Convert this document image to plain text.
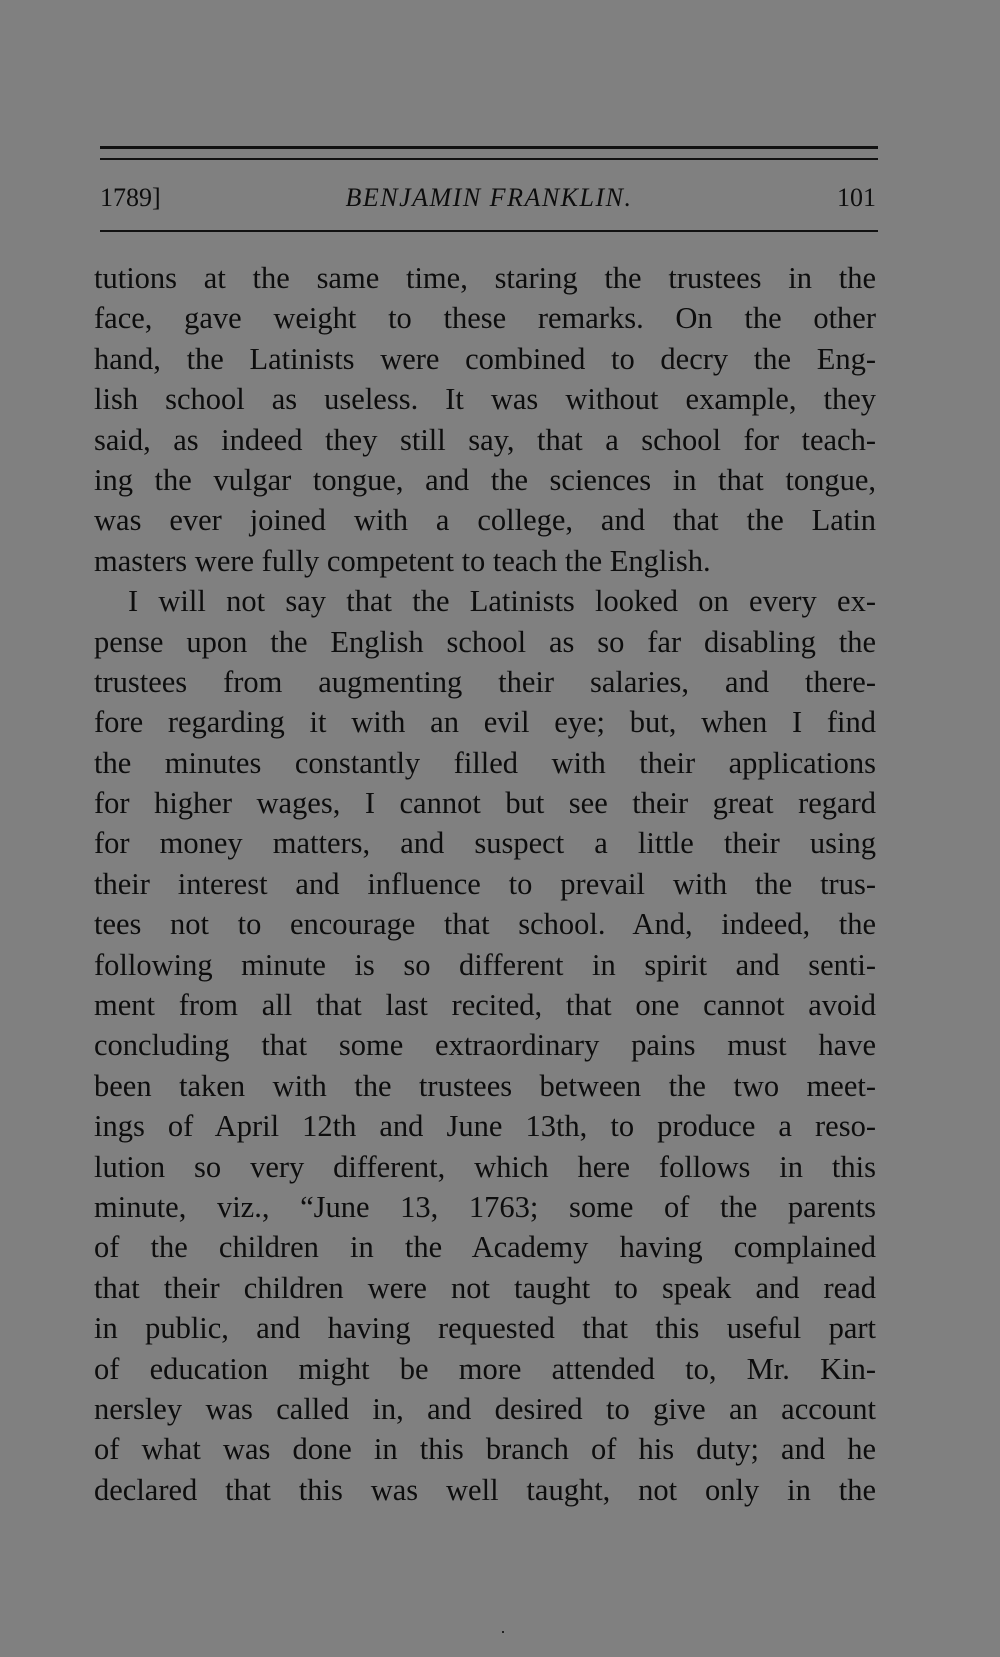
1789]	BENJAMIN FRANKLIN.	101
tutions at the same time, staring the trustees in the
face, gave weight to these remarks. On the other
hand, the Latinists were combined to decry the Eng-
lish school as useless. It was without example, they
said, as indeed they still say, that a school for teach-
ing the vulgar tongue, and the sciences in that tongue,
was ever joined with a college, and that the Latin
masters were fully competent to teach the English.
I will not say that the Latinists looked on every ex-
pense upon the English school as so far disabling the
trustees from augmenting their salaries, and there-
fore regarding it with an evil eye; but, when I find
the minutes constantly filled with their applications
for higher wages, I cannot but see their great regard
for money matters, and suspect a little their using
their interest and influence to prevail with the trus-
tees not to encourage that school. And, indeed, the
following minute is so different in spirit and senti-
ment from all that last recited, that one cannot avoid
concluding that some extraordinary pains must have
been taken with the trustees between the two meet-
ings of April 12th and June 13th, to produce a reso-
lution so very different, which here follows in this
minute, viz., “June 13, 1763; some of the parents
of the children in the Academy having complained
that their children were not taught to speak and read
in public, and having requested that this useful part
of education might be more attended to, Mr. Kin-
nersley was called in, and desired to give an account
of what was done in this branch of his duty; and he
declared that this was well taught, not only in the
